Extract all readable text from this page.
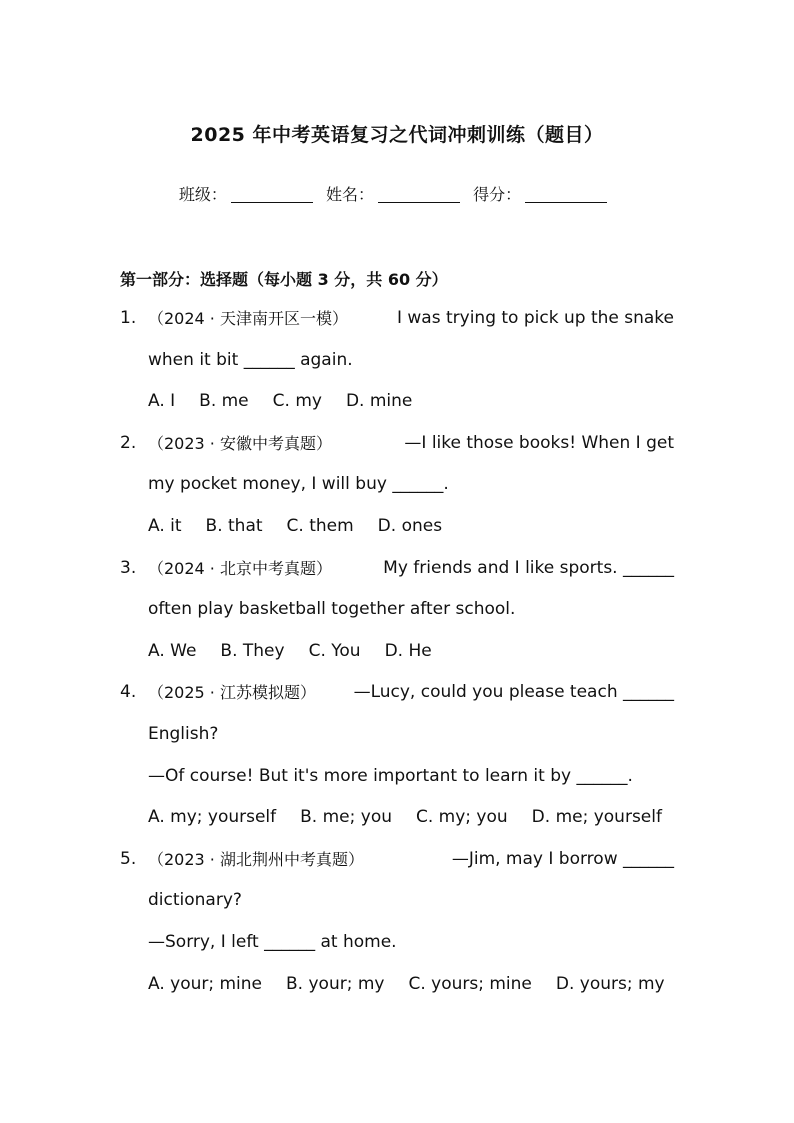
2025 年中考英语复习之代词冲刺训练（题目）
班级：	姓名：	得分：
第一部分：选择题（每小题 3 分，共 60 分）
1. （2024 · 天津南开区一模）	I was trying to pick up the snake
when it bit ______ again.
A. I B. me C. my D. mine
2. （2023 · 安徽中考真题）	—I like those books! When I get
my pocket money, I will buy ______.
A. it B. that C. them D. ones
3. （2024 · 北京中考真题）	My friends and I like sports. ______
often play basketball together after school.
A. We B. They C. You D. He
4. （2025 · 江苏模拟题） —Lucy, could you please teach ______
English?
—Of course! But it's more important to learn it by ______.
A. my; yourself B. me; you C. my; you D. me; yourself
5. （2023 · 湖北荆州中考真题）	—Jim, may I borrow ______
dictionary?
—Sorry, I left ______ at home.
A. your; mine B. your; my C. yours; mine D. yours; my
